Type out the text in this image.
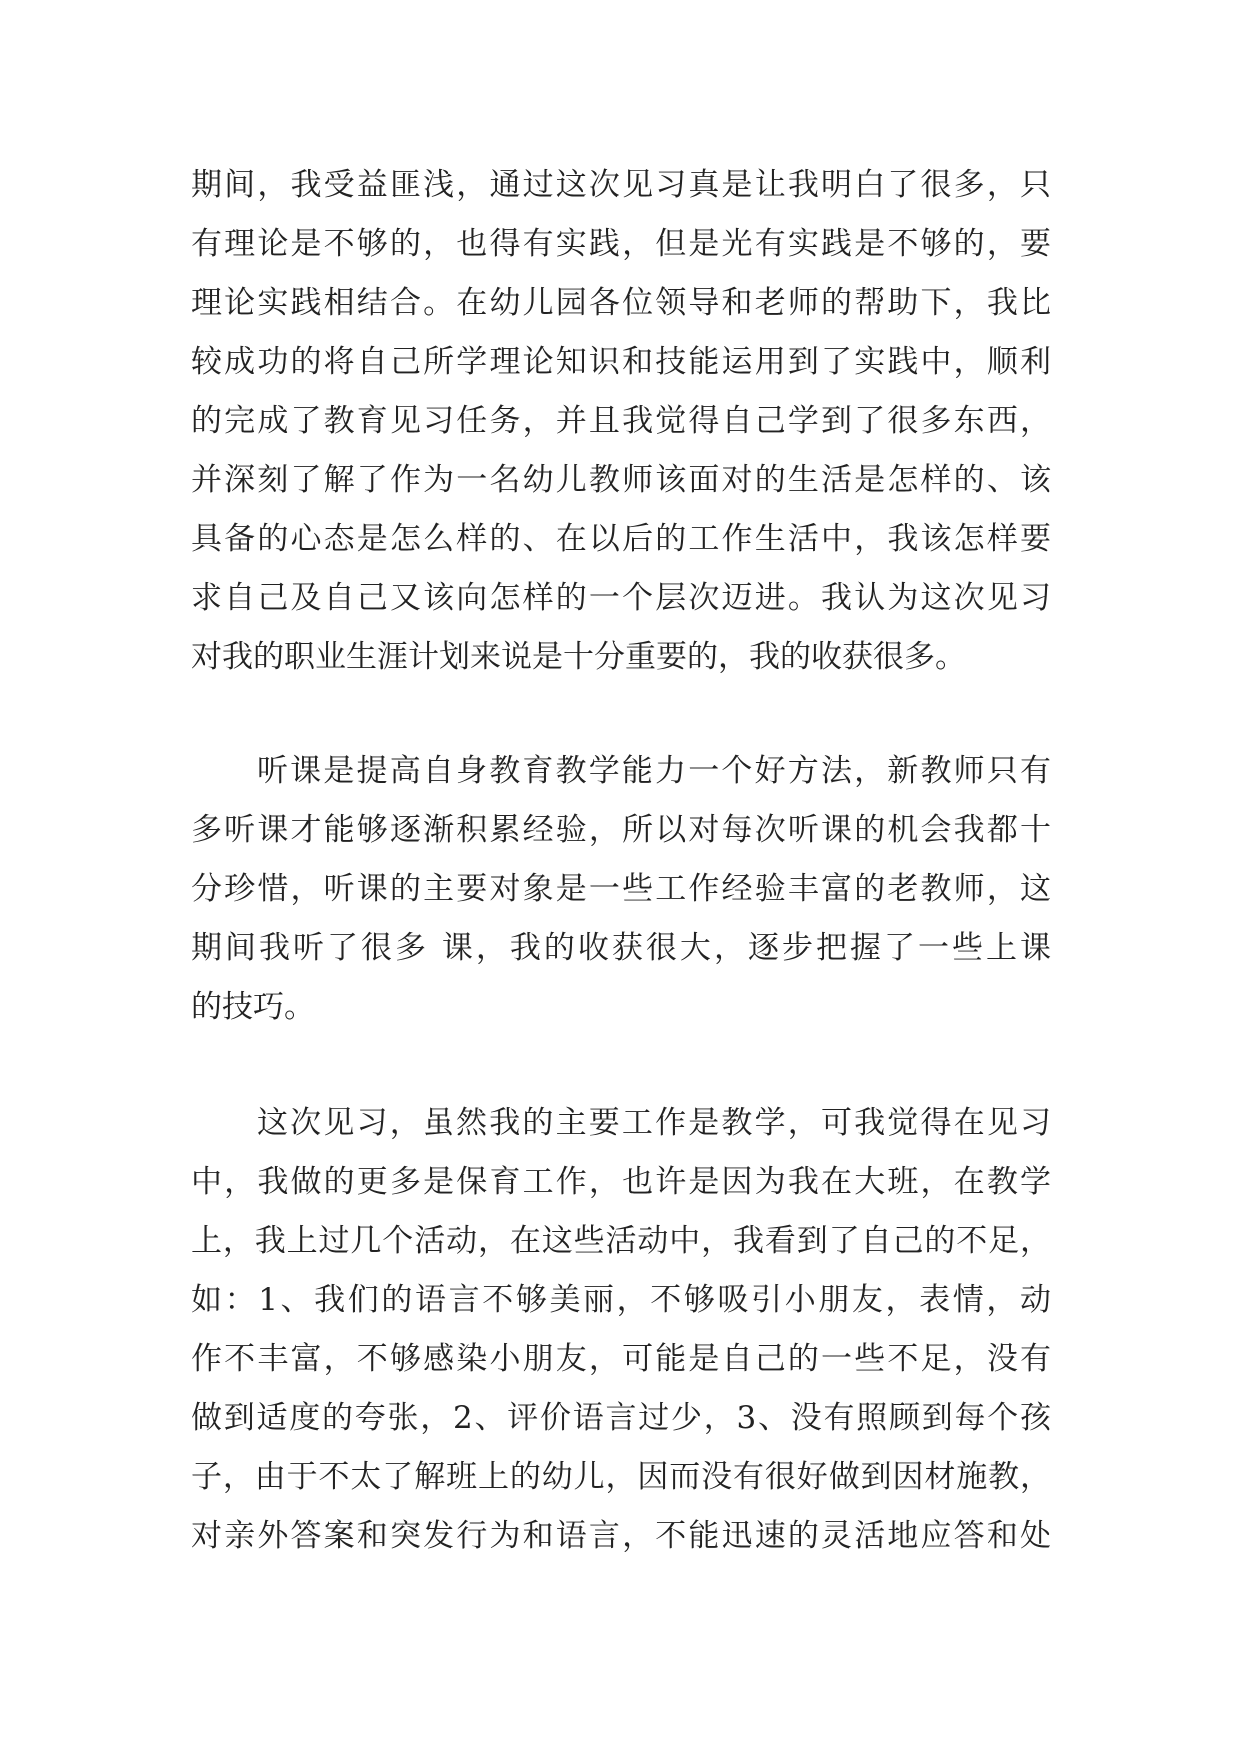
期间，我受益匪浅，通过这次见习真是让我明白了很多，只
有理论是不够的，也得有实践，但是光有实践是不够的，要
理论实践相结合。在幼儿园各位领导和老师的帮助下，我比
较成功的将自己所学理论知识和技能运用到了实践中，顺利
的完成了教育见习任务，并且我觉得自己学到了很多东西，
并深刻了解了作为一名幼儿教师该面对的生活是怎样的、该
具备的心态是怎么样的、在以后的工作生活中，我该怎样要
求自己及自己又该向怎样的一个层次迈进。我认为这次见习
对我的职业生涯计划来说是十分重要的，我的收获很多。
听课是提高自身教育教学能力一个好方法，新教师只有
多听课才能够逐渐积累经验，所以对每次听课的机会我都十
分珍惜，听课的主要对象是一些工作经验丰富的老教师，这
期间我听了很多 课，我的收获很大，逐步把握了一些上课
的技巧。
这次见习，虽然我的主要工作是教学，可我觉得在见习
中，我做的更多是保育工作，也许是因为我在大班，在教学
上，我上过几个活动，在这些活动中，我看到了自己的不足，
如：1、我们的语言不够美丽，不够吸引小朋友，表情，动
作不丰富，不够感染小朋友，可能是自己的一些不足，没有
做到适度的夸张，2、评价语言过少，3、没有照顾到每个孩
子，由于不太了解班上的幼儿，因而没有很好做到因材施教，
对亲外答案和突发行为和语言，不能迅速的灵活地应答和处
